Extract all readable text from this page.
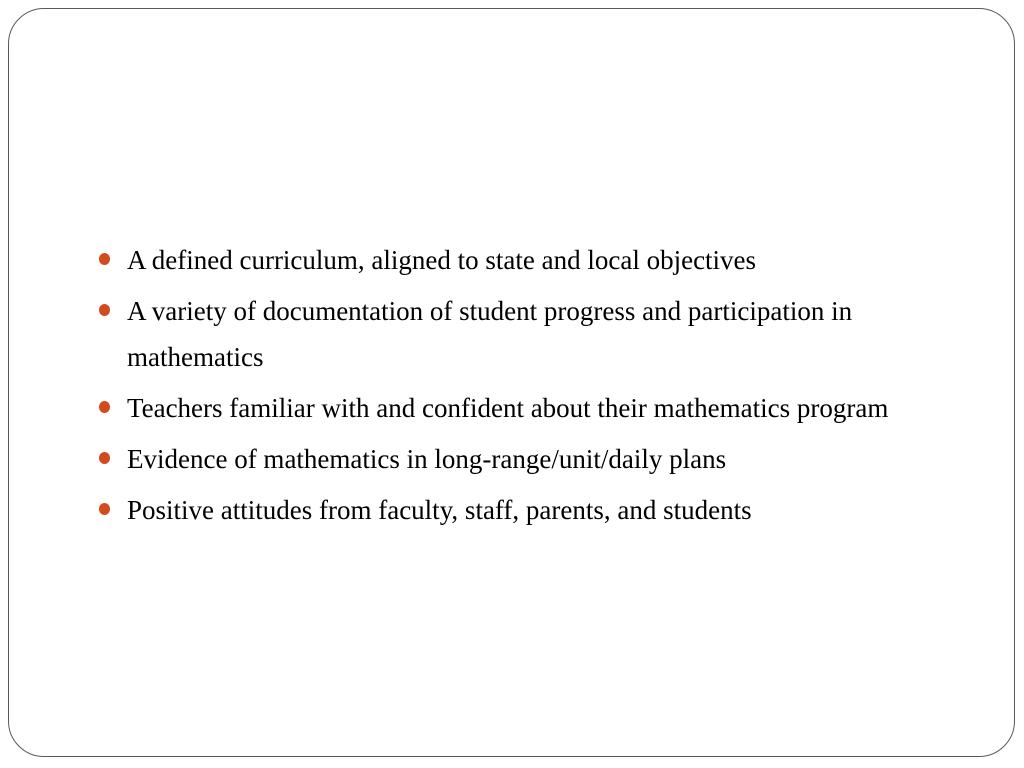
A defined curriculum, aligned to state and local objectives
A variety of documentation of student progress and participation in mathematics
Teachers familiar with and confident about their mathematics program
Evidence of mathematics in long-range/unit/daily plans
Positive attitudes from faculty, staff, parents, and students
